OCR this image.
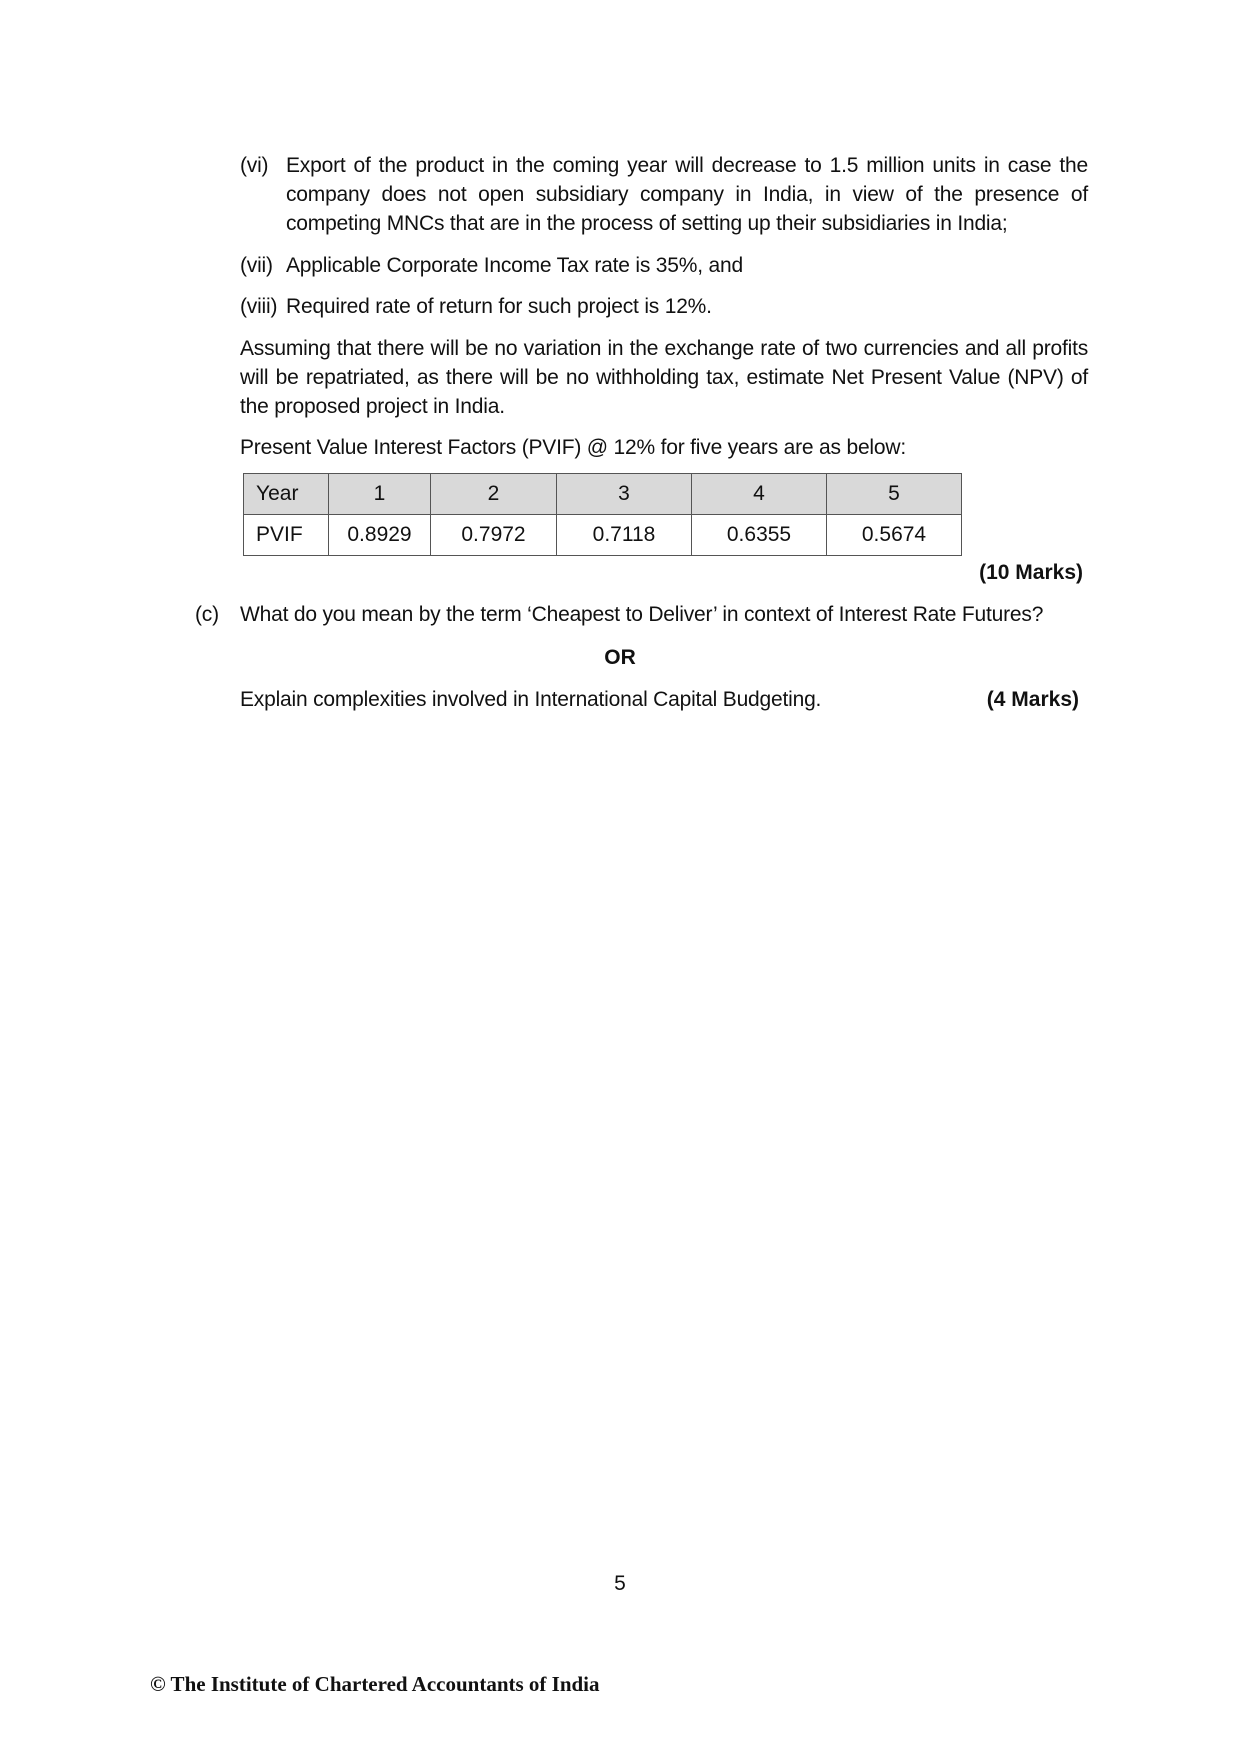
(vi) Export of the product in the coming year will decrease to 1.5 million units in case the company does not open subsidiary company in India, in view of the presence of competing MNCs that are in the process of setting up their subsidiaries in India;
(vii) Applicable Corporate Income Tax rate is 35%, and
(viii) Required rate of return for such project is 12%.
Assuming that there will be no variation in the exchange rate of two currencies and all profits will be repatriated, as there will be no withholding tax, estimate Net Present Value (NPV) of the proposed project in India.
Present Value Interest Factors (PVIF) @ 12% for five years are as below:
Year	1	2	3	4	5
PVIF	0.8929	0.7972	0.7118	0.6355	0.5674
(10 Marks)
(c) What do you mean by the term ‘Cheapest to Deliver’ in context of Interest Rate Futures?
OR
Explain complexities involved in International Capital Budgeting.	(4 Marks)
5
© The Institute of Chartered Accountants of India
